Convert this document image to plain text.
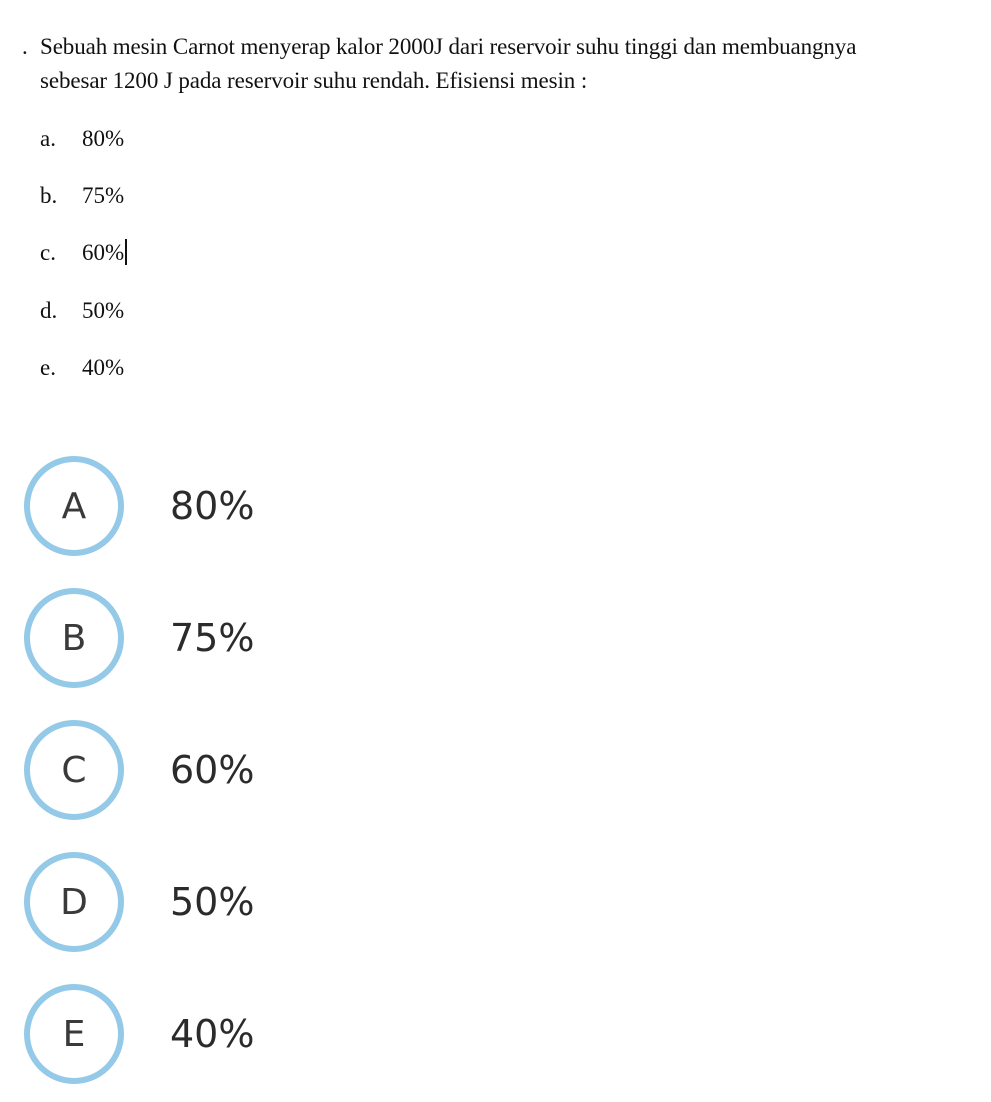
. Sebuah mesin Carnot menyerap kalor 2000J dari reservoir suhu tinggi dan membuangnya
sebesar 1200 J pada reservoir suhu rendah. Efisiensi mesin :
a. 80%
b. 75%
c. 60%
d. 50%
e. 40%
A	80%
B	75%
C	60%
D	50%
E	40%
